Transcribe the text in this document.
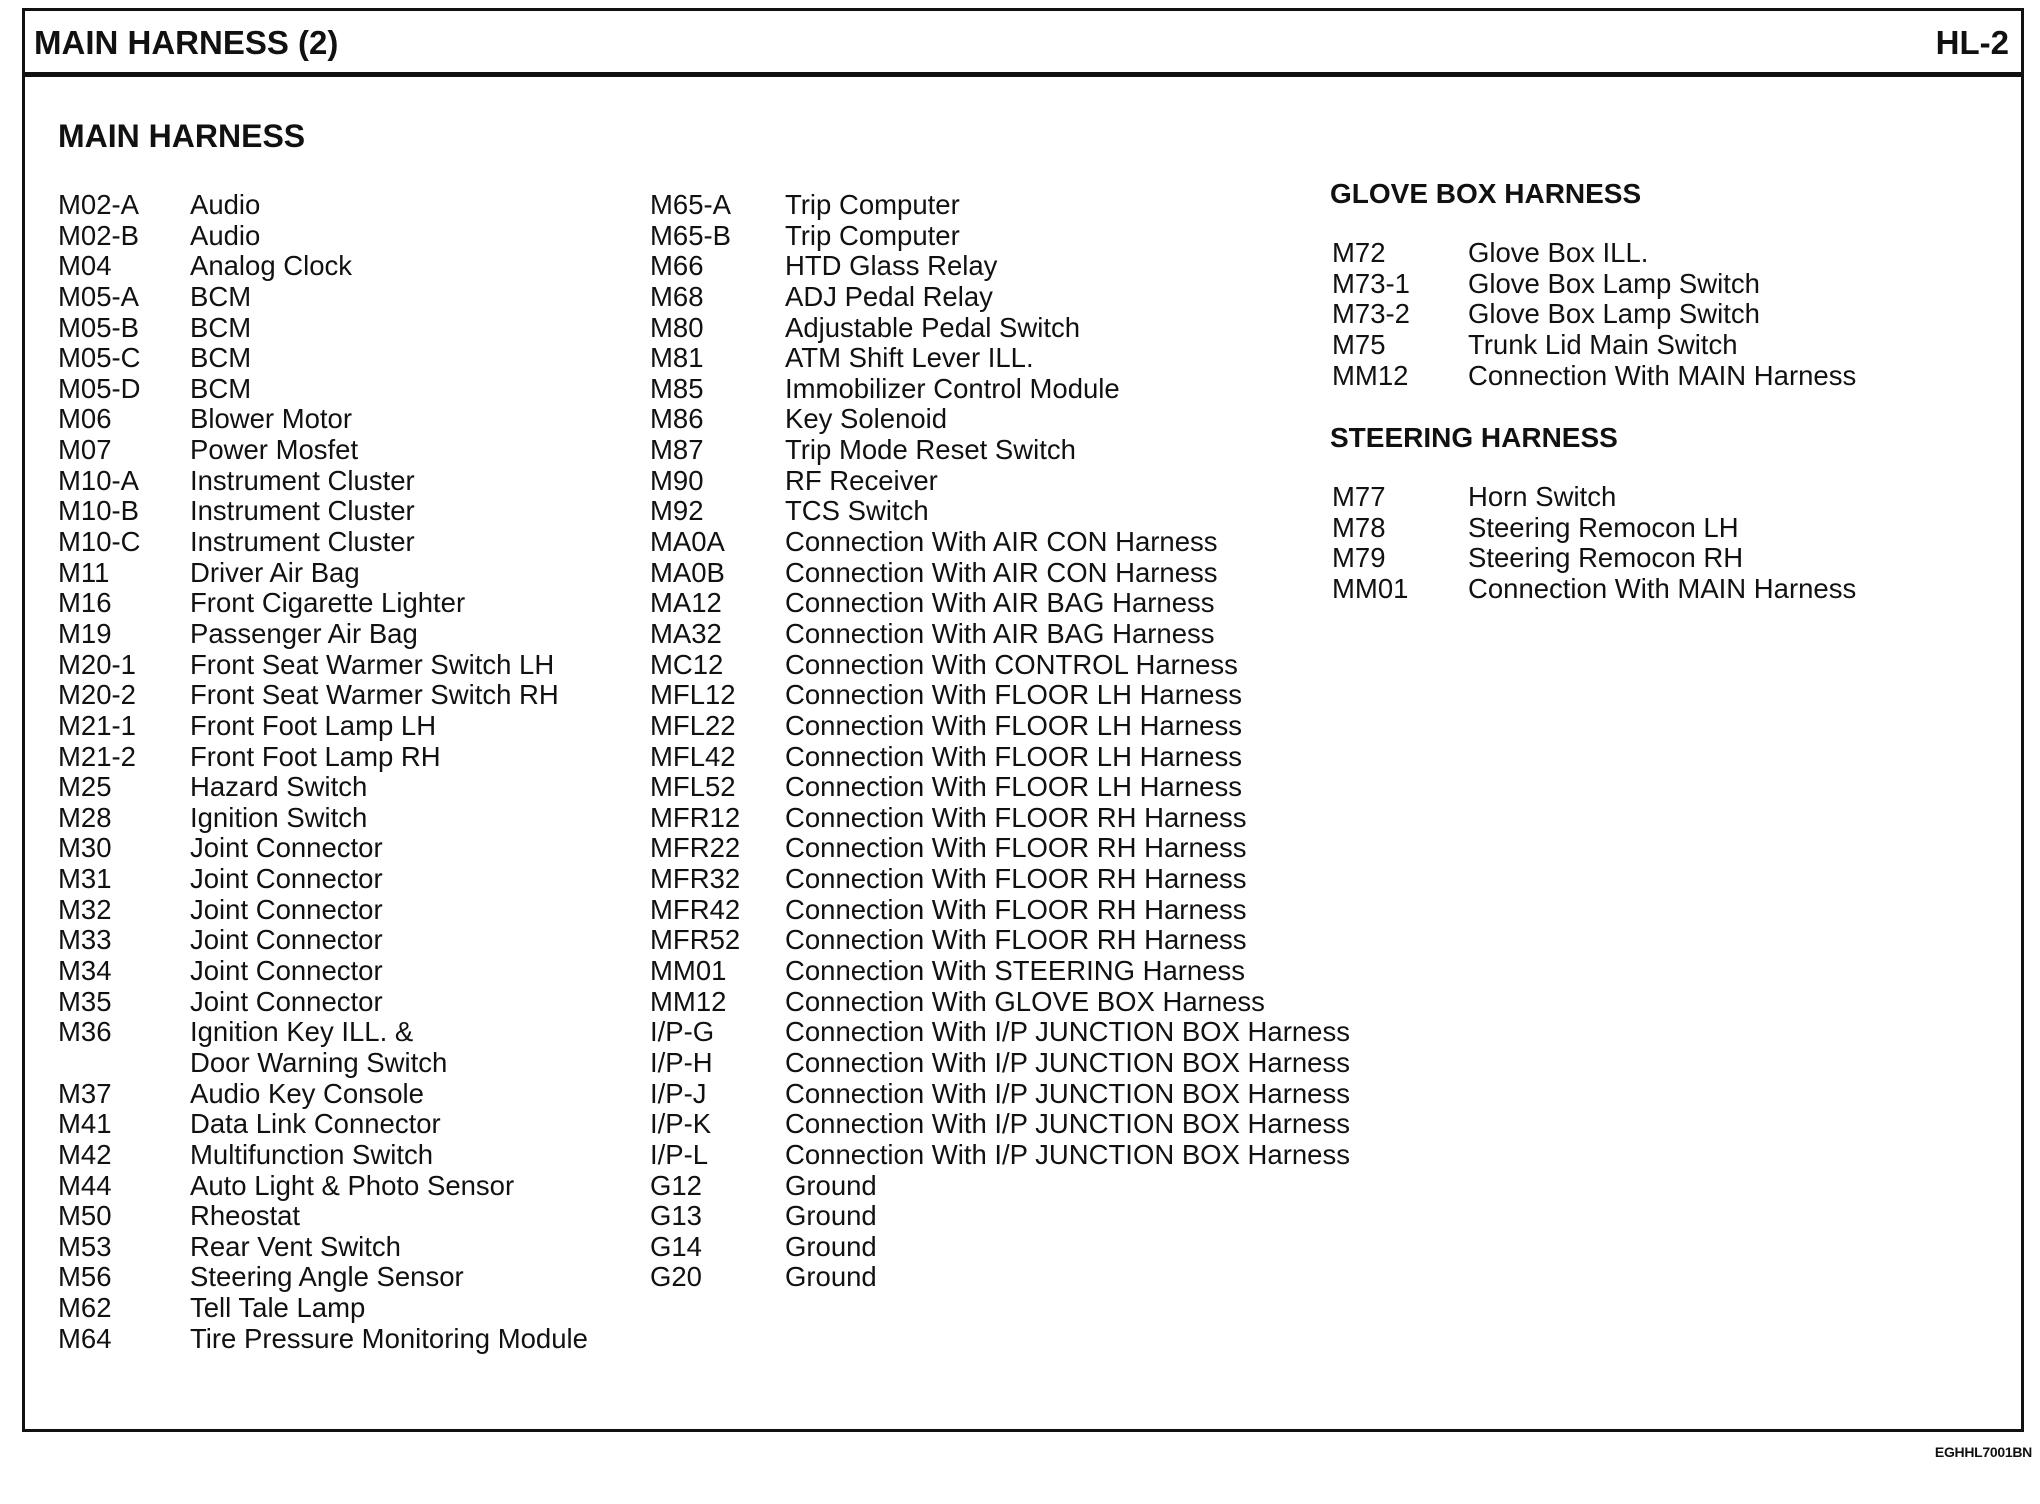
MAIN HARNESS (2)	HL-2
MAIN HARNESS
M02-A	Audio
M02-B	Audio
M04	Analog Clock
M05-A	BCM
M05-B	BCM
M05-C	BCM
M05-D	BCM
M06	Blower Motor
M07	Power Mosfet
M10-A	Instrument Cluster
M10-B	Instrument Cluster
M10-C	Instrument Cluster
M11	Driver Air Bag
M16	Front Cigarette Lighter
M19	Passenger Air Bag
M20-1	Front Seat Warmer Switch LH
M20-2	Front Seat Warmer Switch RH
M21-1	Front Foot Lamp LH
M21-2	Front Foot Lamp RH
M25	Hazard Switch
M28	Ignition Switch
M30	Joint Connector
M31	Joint Connector
M32	Joint Connector
M33	Joint Connector
M34	Joint Connector
M35	Joint Connector
M36	Ignition Key ILL. &
Door Warning Switch
M37	Audio Key Console
M41	Data Link Connector
M42	Multifunction Switch
M44	Auto Light & Photo Sensor
M50	Rheostat
M53	Rear Vent Switch
M56	Steering Angle Sensor
M62	Tell Tale Lamp
M64	Tire Pressure Monitoring Module
M65-A	Trip Computer
M65-B	Trip Computer
M66	HTD Glass Relay
M68	ADJ Pedal Relay
M80	Adjustable Pedal Switch
M81	ATM Shift Lever ILL.
M85	Immobilizer Control Module
M86	Key Solenoid
M87	Trip Mode Reset Switch
M90	RF Receiver
M92	TCS Switch
MA0A	Connection With AIR CON Harness
MA0B	Connection With AIR CON Harness
MA12	Connection With AIR BAG Harness
MA32	Connection With AIR BAG Harness
MC12	Connection With CONTROL Harness
MFL12	Connection With FLOOR LH Harness
MFL22	Connection With FLOOR LH Harness
MFL42	Connection With FLOOR LH Harness
MFL52	Connection With FLOOR LH Harness
MFR12	Connection With FLOOR RH Harness
MFR22	Connection With FLOOR RH Harness
MFR32	Connection With FLOOR RH Harness
MFR42	Connection With FLOOR RH Harness
MFR52	Connection With FLOOR RH Harness
MM01	Connection With STEERING Harness
MM12	Connection With GLOVE BOX Harness
I/P-G	Connection With I/P JUNCTION BOX Harness
I/P-H	Connection With I/P JUNCTION BOX Harness
I/P-J	Connection With I/P JUNCTION BOX Harness
I/P-K	Connection With I/P JUNCTION BOX Harness
I/P-L	Connection With I/P JUNCTION BOX Harness
G12	Ground
G13	Ground
G14	Ground
G20	Ground
GLOVE BOX HARNESS
M72	Glove Box ILL.
M73-1	Glove Box Lamp Switch
M73-2	Glove Box Lamp Switch
M75	Trunk Lid Main Switch
MM12	Connection With MAIN Harness
STEERING HARNESS
M77	Horn Switch
M78	Steering Remocon LH
M79	Steering Remocon RH
MM01	Connection With MAIN Harness
EGHHL7001BN
